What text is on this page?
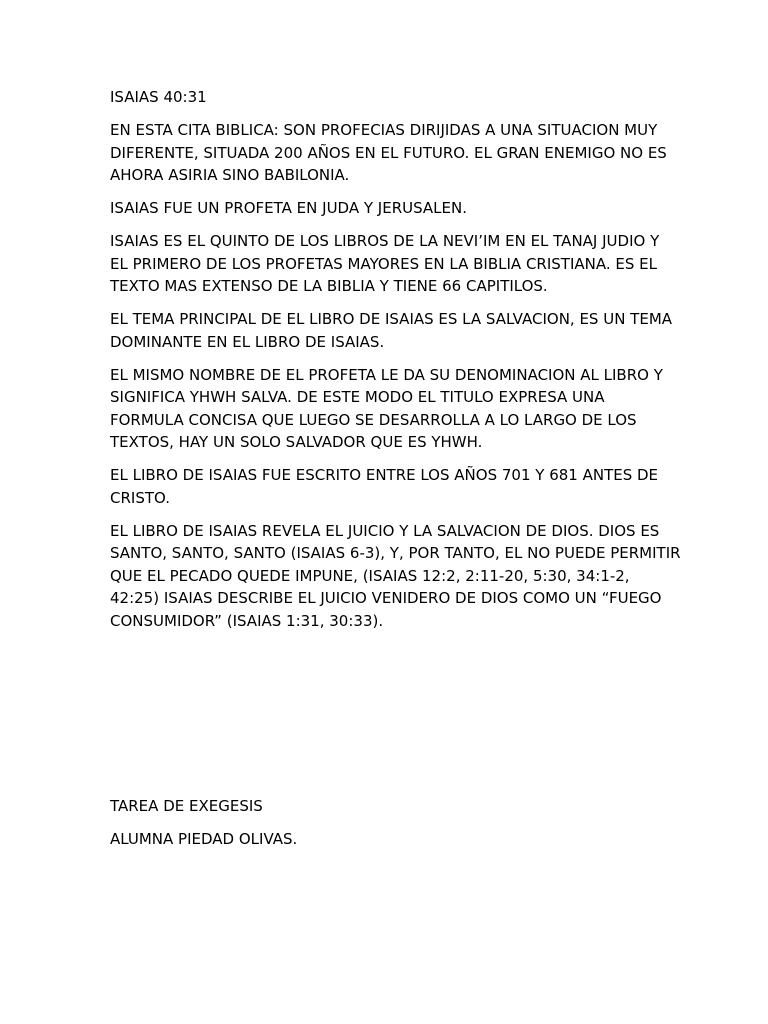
ISAIAS 40:31
EN ESTA CITA BIBLICA: SON PROFECIAS DIRIJIDAS A UNA SITUACION MUY
DIFERENTE, SITUADA 200 AÑOS EN EL FUTURO. EL GRAN ENEMIGO NO ES
AHORA ASIRIA SINO BABILONIA.
ISAIAS FUE UN PROFETA EN JUDA Y JERUSALEN.
ISAIAS ES EL QUINTO DE LOS LIBROS DE LA NEVI’IM EN EL TANAJ JUDIO Y
EL PRIMERO DE LOS PROFETAS MAYORES EN LA BIBLIA CRISTIANA. ES EL
TEXTO MAS EXTENSO DE LA BIBLIA Y TIENE 66 CAPITILOS.
EL TEMA PRINCIPAL DE EL LIBRO DE ISAIAS ES LA SALVACION, ES UN TEMA
DOMINANTE EN EL LIBRO DE ISAIAS.
EL MISMO NOMBRE DE EL PROFETA LE DA SU DENOMINACION AL LIBRO Y
SIGNIFICA YHWH SALVA. DE ESTE MODO EL TITULO EXPRESA UNA
FORMULA CONCISA QUE LUEGO SE DESARROLLA A LO LARGO DE LOS
TEXTOS, HAY UN SOLO SALVADOR QUE ES YHWH.
EL LIBRO DE ISAIAS FUE ESCRITO ENTRE LOS AÑOS 701 Y 681 ANTES DE
CRISTO.
EL LIBRO DE ISAIAS REVELA EL JUICIO Y LA SALVACION DE DIOS. DIOS ES
SANTO, SANTO, SANTO (ISAIAS 6-3), Y, POR TANTO, EL NO PUEDE PERMITIR
QUE EL PECADO QUEDE IMPUNE, (ISAIAS 12:2, 2:11-20, 5:30, 34:1-2,
42:25) ISAIAS DESCRIBE EL JUICIO VENIDERO DE DIOS COMO UN “FUEGO
CONSUMIDOR” (ISAIAS 1:31, 30:33).
TAREA DE EXEGESIS
ALUMNA PIEDAD OLIVAS.
